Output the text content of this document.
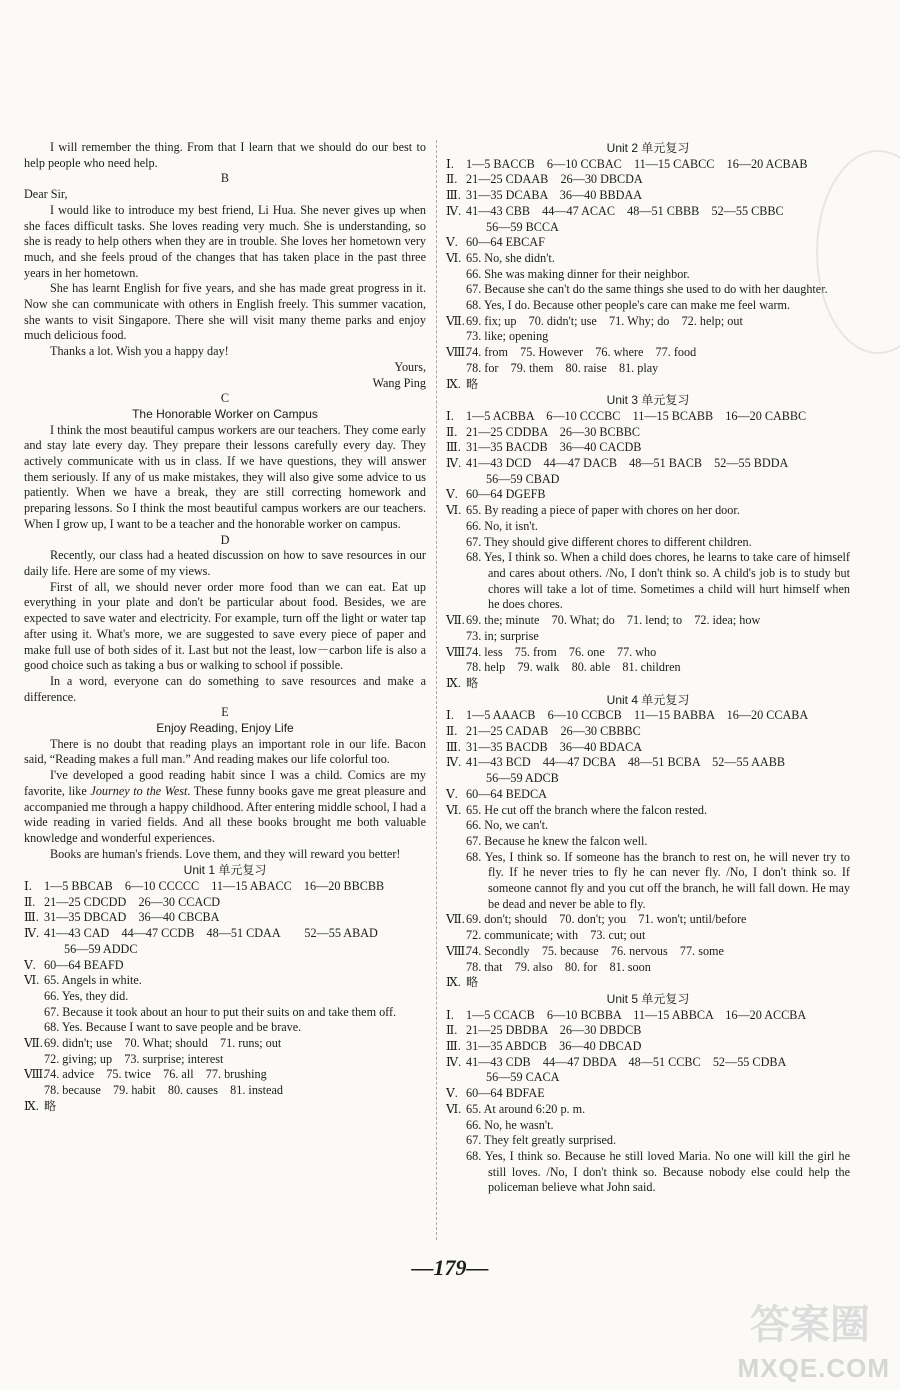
I will remember the thing. From that I learn that we should do our best to help people who need help.

B

Dear Sir,

I would like to introduce my best friend, Li Hua. She never gives up when she faces difficult tasks. She loves reading very much. She is understanding, so she is ready to help others when they are in trouble. She loves her hometown very much, and she feels proud of the changes that has taken place in the past three years in her hometown.

She has learnt English for five years, and she has made great progress in it. Now she can communicate with others in English freely. This summer vacation, she wants to visit Singapore. There she will visit many theme parks and enjoy much delicious food.

Thanks a lot. Wish you a happy day!

Yours,

Wang Ping

C

The Honorable Worker on Campus

I think the most beautiful campus workers are our teachers. They come early and stay late every day. They prepare their lessons carefully every day. They actively communicate with us in class. If we have questions, they will answer them seriously. If any of us make mistakes, they will also give some advice to us patiently. When we have a break, they are still correcting homework and preparing lessons. So I think the most beautiful campus workers are our teachers. When I grow up, I want to be a teacher and the honorable worker on campus.

D

Recently, our class had a heated discussion on how to save resources in our daily life. Here are some of my views.

First of all, we should never order more food than we can eat. Eat up everything in your plate and don't be particular about food. Besides, we are expected to save water and electricity. For example, turn off the light or water tap after using it. What's more, we are suggested to save every piece of paper and make full use of both sides of it. Last but not the least, low－carbon life is also a good choice such as taking a bus or walking to school if possible.

In a word, everyone can do something to save resources and make a difference.

E

Enjoy Reading, Enjoy Life

There is no doubt that reading plays an important role in our life. Bacon said, “Reading makes a full man.” And reading makes our life colorful too.

I've developed a good reading habit since I was a child. Comics are my favorite, like Journey to the West. These funny books gave me great pleasure and accompanied me through a happy childhood. After entering middle school, I had a wide reading in varied fields. And all these books brought me both valuable knowledge and wonderful experiences.

Books are human's friends. Love them, and they will reward you better!

Unit 1 单元复习

Ⅰ. 1—5 BBCAB　6—10 CCCCC　11—15 ABACC　16—20 BBCBB
Ⅱ. 21—25 CDCDD　26—30 CCACD
Ⅲ. 31—35 DBCAD　36—40 CBCBA
Ⅳ. 41—43 CAD　44—47 CCDB　48—51 CDAA　　52—55 ABAD
56—59 ADDC
Ⅴ. 60—64 BEAFD
Ⅵ. 65. Angels in white.
66. Yes, they did.
67. Because it took about an hour to put their suits on and take them off.
68. Yes. Because I want to save people and be brave.
Ⅶ. 69. didn't; use　70. What; should　71. runs; out
72. giving; up　73. surprise; interest
Ⅷ.
74. advice　75. twice　76. all　77. brushing
78. because　79. habit　80. causes　81. instead
Ⅸ. 略

Unit 2 单元复习

Ⅰ. 1—5 BACCB　6—10 CCBAC　11—15 CABCC　16—20 ACBAB
Ⅱ. 21—25 CDAAB　26—30 DBCDA
Ⅲ. 31—35 DCABA　36—40 BBDAA
Ⅳ. 41—43 CBB　44—47 ACAC　48—51 CBBB　52—55 CBBC
56—59 BCCA
Ⅴ. 60—64 EBCAF
Ⅵ. 65. No, she didn't.
66. She was making dinner for their neighbor.
67. Because she can't do the same things she used to do with her daughter.
68. Yes, I do. Because other people's care can make me feel warm.
Ⅶ. 69. fix; up　70. didn't; use　71. Why; do　72. help; out
73. like; opening
Ⅷ.
74. from　75. However　76. where　77. food
78. for　79. them　80. raise　81. play
Ⅸ. 略

Unit 3 单元复习

Ⅰ. 1—5 ACBBA　6—10 CCCBC　11—15 BCABB　16—20 CABBC
Ⅱ. 21—25 CDDBA　26—30 BCBBC
Ⅲ. 31—35 BACDB　36—40 CACDB
Ⅳ. 41—43 DCD　44—47 DACB　48—51 BACB　52—55 BDDA
56—59 CBAD
Ⅴ. 60—64 DGEFB
Ⅵ. 65. By reading a piece of paper with chores on her door.
66. No, it isn't.
67. They should give different chores to different children.
68. Yes, I think so. When a child does chores, he learns to take care of himself and cares about others. /No, I don't think so. A child's job is to study but chores will take a lot of time. Sometimes a child will hurt himself when he does chores.
Ⅶ. 69. the; minute　70. What; do　71. lend; to　72. idea; how
73. in; surprise
Ⅷ.
74. less　75. from　76. one　77. who
78. help　79. walk　80. able　81. children
Ⅸ. 略

Unit 4 单元复习

Ⅰ. 1—5 AAACB　6—10 CCBCB　11—15 BABBA　16—20 CCABA
Ⅱ. 21—25 CADAB　26—30 CBBBC
Ⅲ. 31—35 BACDB　36—40 BDACA
Ⅳ. 41—43 BCD　44—47 DCBA　48—51 BCBA　52—55 AABB
56—59 ADCB
Ⅴ. 60—64 BEDCA
Ⅵ. 65. He cut off the branch where the falcon rested.
66. No, we can't.
67. Because he knew the falcon well.
68. Yes, I think so. If someone has the branch to rest on, he will never try to fly. If he never tries to fly he can never fly. /No, I don't think so. If someone cannot fly and you cut off the branch, he will fall down. He may be dead and never be able to fly.
Ⅶ. 69. don't; should　70. don't; you　71. won't; until/before
72. communicate; with　73. cut; out
Ⅷ.
74. Secondly　75. because　76. nervous　77. some
78. that　79. also　80. for　81. soon
Ⅸ. 略

Unit 5 单元复习

Ⅰ. 1—5 CCACB　6—10 BCBBA　11—15 ABBCA　16—20 ACCBA
Ⅱ. 21—25 DBDBA　26—30 DBDCB
Ⅲ. 31—35 ABDCB　36—40 DBCAD
Ⅳ. 41—43 CDB　44—47 DBDA　48—51 CCBC　52—55 CDBA
56—59 CACA
Ⅴ. 60—64 BDFAE
Ⅵ. 65. At around 6:20 p. m.
66. No, he wasn't.
67. They felt greatly surprised.
68. Yes, I think so. Because he still loved Maria. No one will kill the girl he still loves. /No, I don't think so. Because nobody else could help the policeman believe what John said.
—179—
答案圈
MXQE.COM
